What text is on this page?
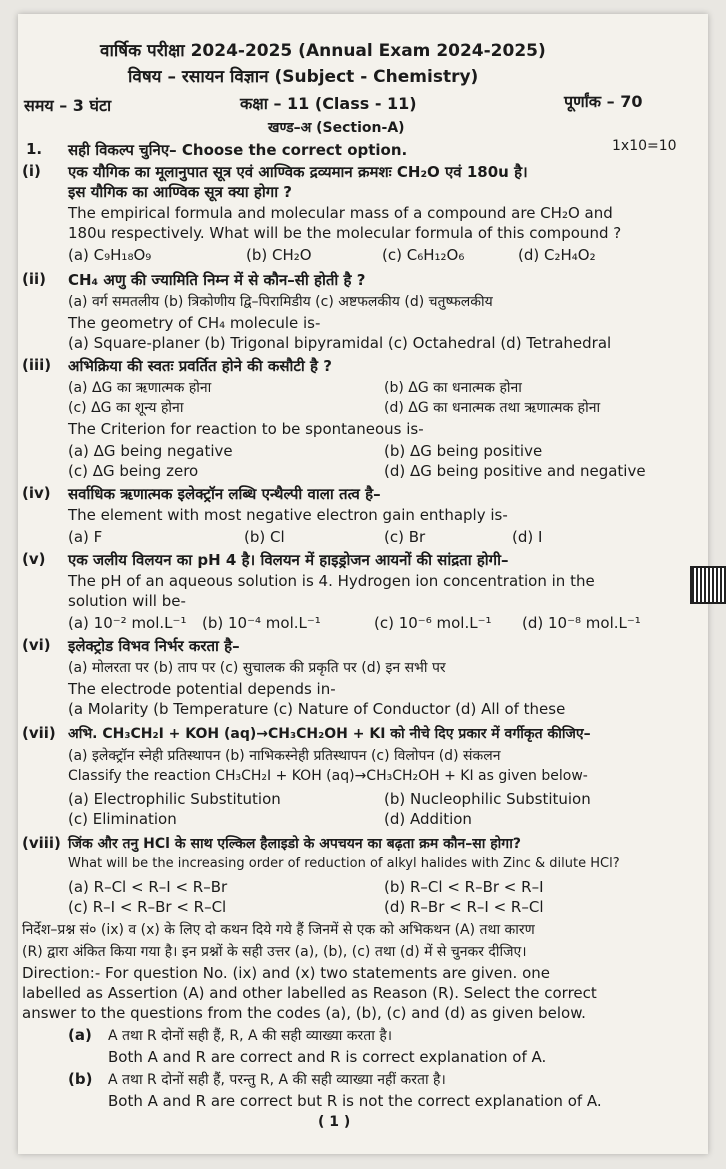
वार्षिक परीक्षा 2024-2025 (Annual Exam 2024-2025)
विषय – रसायन विज्ञान (Subject - Chemistry)
समय – 3 घंटा	कक्षा – 11 (Class - 11)	पूर्णांक – 70
खण्ड–अ (Section-A)
1. सही विकल्प चुनिए– Choose the correct option.	1x10=10
(i) एक यौगिक का मूलानुपात सूत्र एवं आण्विक द्रव्यमान क्रमशः CH₂O एवं 180u है।
इस यौगिक का आण्विक सूत्र क्या होगा ?
The empirical formula and molecular mass of a compound are CH₂O and
180u respectively. What will be the molecular formula of this compound ?
(a) C₉H₁₈O₉	(b) CH₂O	(c) C₆H₁₂O₆	(d) C₂H₄O₂
(ii) CH₄ अणु की ज्यामिति निम्न में से कौन–सी होती है ?
(a) वर्ग समतलीय (b) त्रिकोणीय द्वि–पिरामिडीय (c) अष्टफलकीय (d) चतुष्फलकीय
The geometry of CH₄ molecule is-
(a) Square-planer (b) Trigonal bipyramidal (c) Octahedral (d) Tetrahedral
(iii) अभिक्रिया की स्वतः प्रवर्तित होने की कसौटी है ?
(a) ΔG का ऋणात्मक होना	(b) ΔG का धनात्मक होना
(c) ΔG का शून्य होना	(d) ΔG का धनात्मक तथा ऋणात्मक होना
The Criterion for reaction to be spontaneous is-
(a) ΔG being negative	(b) ΔG being positive
(c) ΔG being zero	(d) ΔG being positive and negative
(iv) सर्वाधिक ऋणात्मक इलेक्ट्रॉन लब्धि एन्थैल्पी वाला तत्व है–
The element with most negative electron gain enthaply is-
(a) F	(b) Cl	(c) Br	(d) I
(v) एक जलीय विलयन का pH 4 है। विलयन में हाइड्रोजन आयनों की सांद्रता होगी–
The pH of an aqueous solution is 4. Hydrogen ion concentration in the
solution will be-
(a) 10⁻² mol.L⁻¹ (b) 10⁻⁴ mol.L⁻¹	(c) 10⁻⁶ mol.L⁻¹ (d) 10⁻⁸ mol.L⁻¹
(vi) इलेक्ट्रोड विभव निर्भर करता है–
(a) मोलरता पर (b) ताप पर (c) सुचालक की प्रकृति पर (d) इन सभी पर
The electrode potential depends in-
(a Molarity (b Temperature (c) Nature of Conductor (d) All of these
(vii) अभि. CH₃CH₂I + KOH (aq)→CH₃CH₂OH + KI को नीचे दिए प्रकार में वर्गीकृत कीजिए–
(a) इलेक्ट्रॉन स्नेही प्रतिस्थापन (b) नाभिकस्नेही प्रतिस्थापन (c) विलोपन (d) संकलन
Classify the reaction CH₃CH₂I + KOH (aq)→CH₃CH₂OH + KI as given below-
(a) Electrophilic Substitution	(b) Nucleophilic Substituion
(c) Elimination	(d) Addition
(viii) जिंक और तनु HCl के साथ एल्किल हैलाइडो के अपचयन का बढ़ता क्रम कौन–सा होगा?
What will be the increasing order of reduction of alkyl halides with Zinc & dilute HCl?
(a) R–Cl < R–I < R–Br	(b) R–Cl < R–Br < R–I
(c) R–I < R–Br < R–Cl	(d) R–Br < R–I < R–Cl
निर्देश–प्रश्न सं० (ix) व (x) के लिए दो कथन दिये गये हैं जिनमें से एक को अभिकथन (A) तथा कारण
(R) द्वारा अंकित किया गया है। इन प्रश्नों के सही उत्तर (a), (b), (c) तथा (d) में से चुनकर दीजिए।
Direction:- For question No. (ix) and (x) two statements are given. one
labelled as Assertion (A) and other labelled as Reason (R). Select the correct
answer to the questions from the codes (a), (b), (c) and (d) as given below.
(a) A तथा R दोनों सही हैं, R, A की सही व्याख्या करता है।
Both A and R are correct and R is correct explanation of A.
(b) A तथा R दोनों सही हैं, परन्तु R, A की सही व्याख्या नहीं करता है।
Both A and R are correct but R is not the correct explanation of A.
( 1 )
